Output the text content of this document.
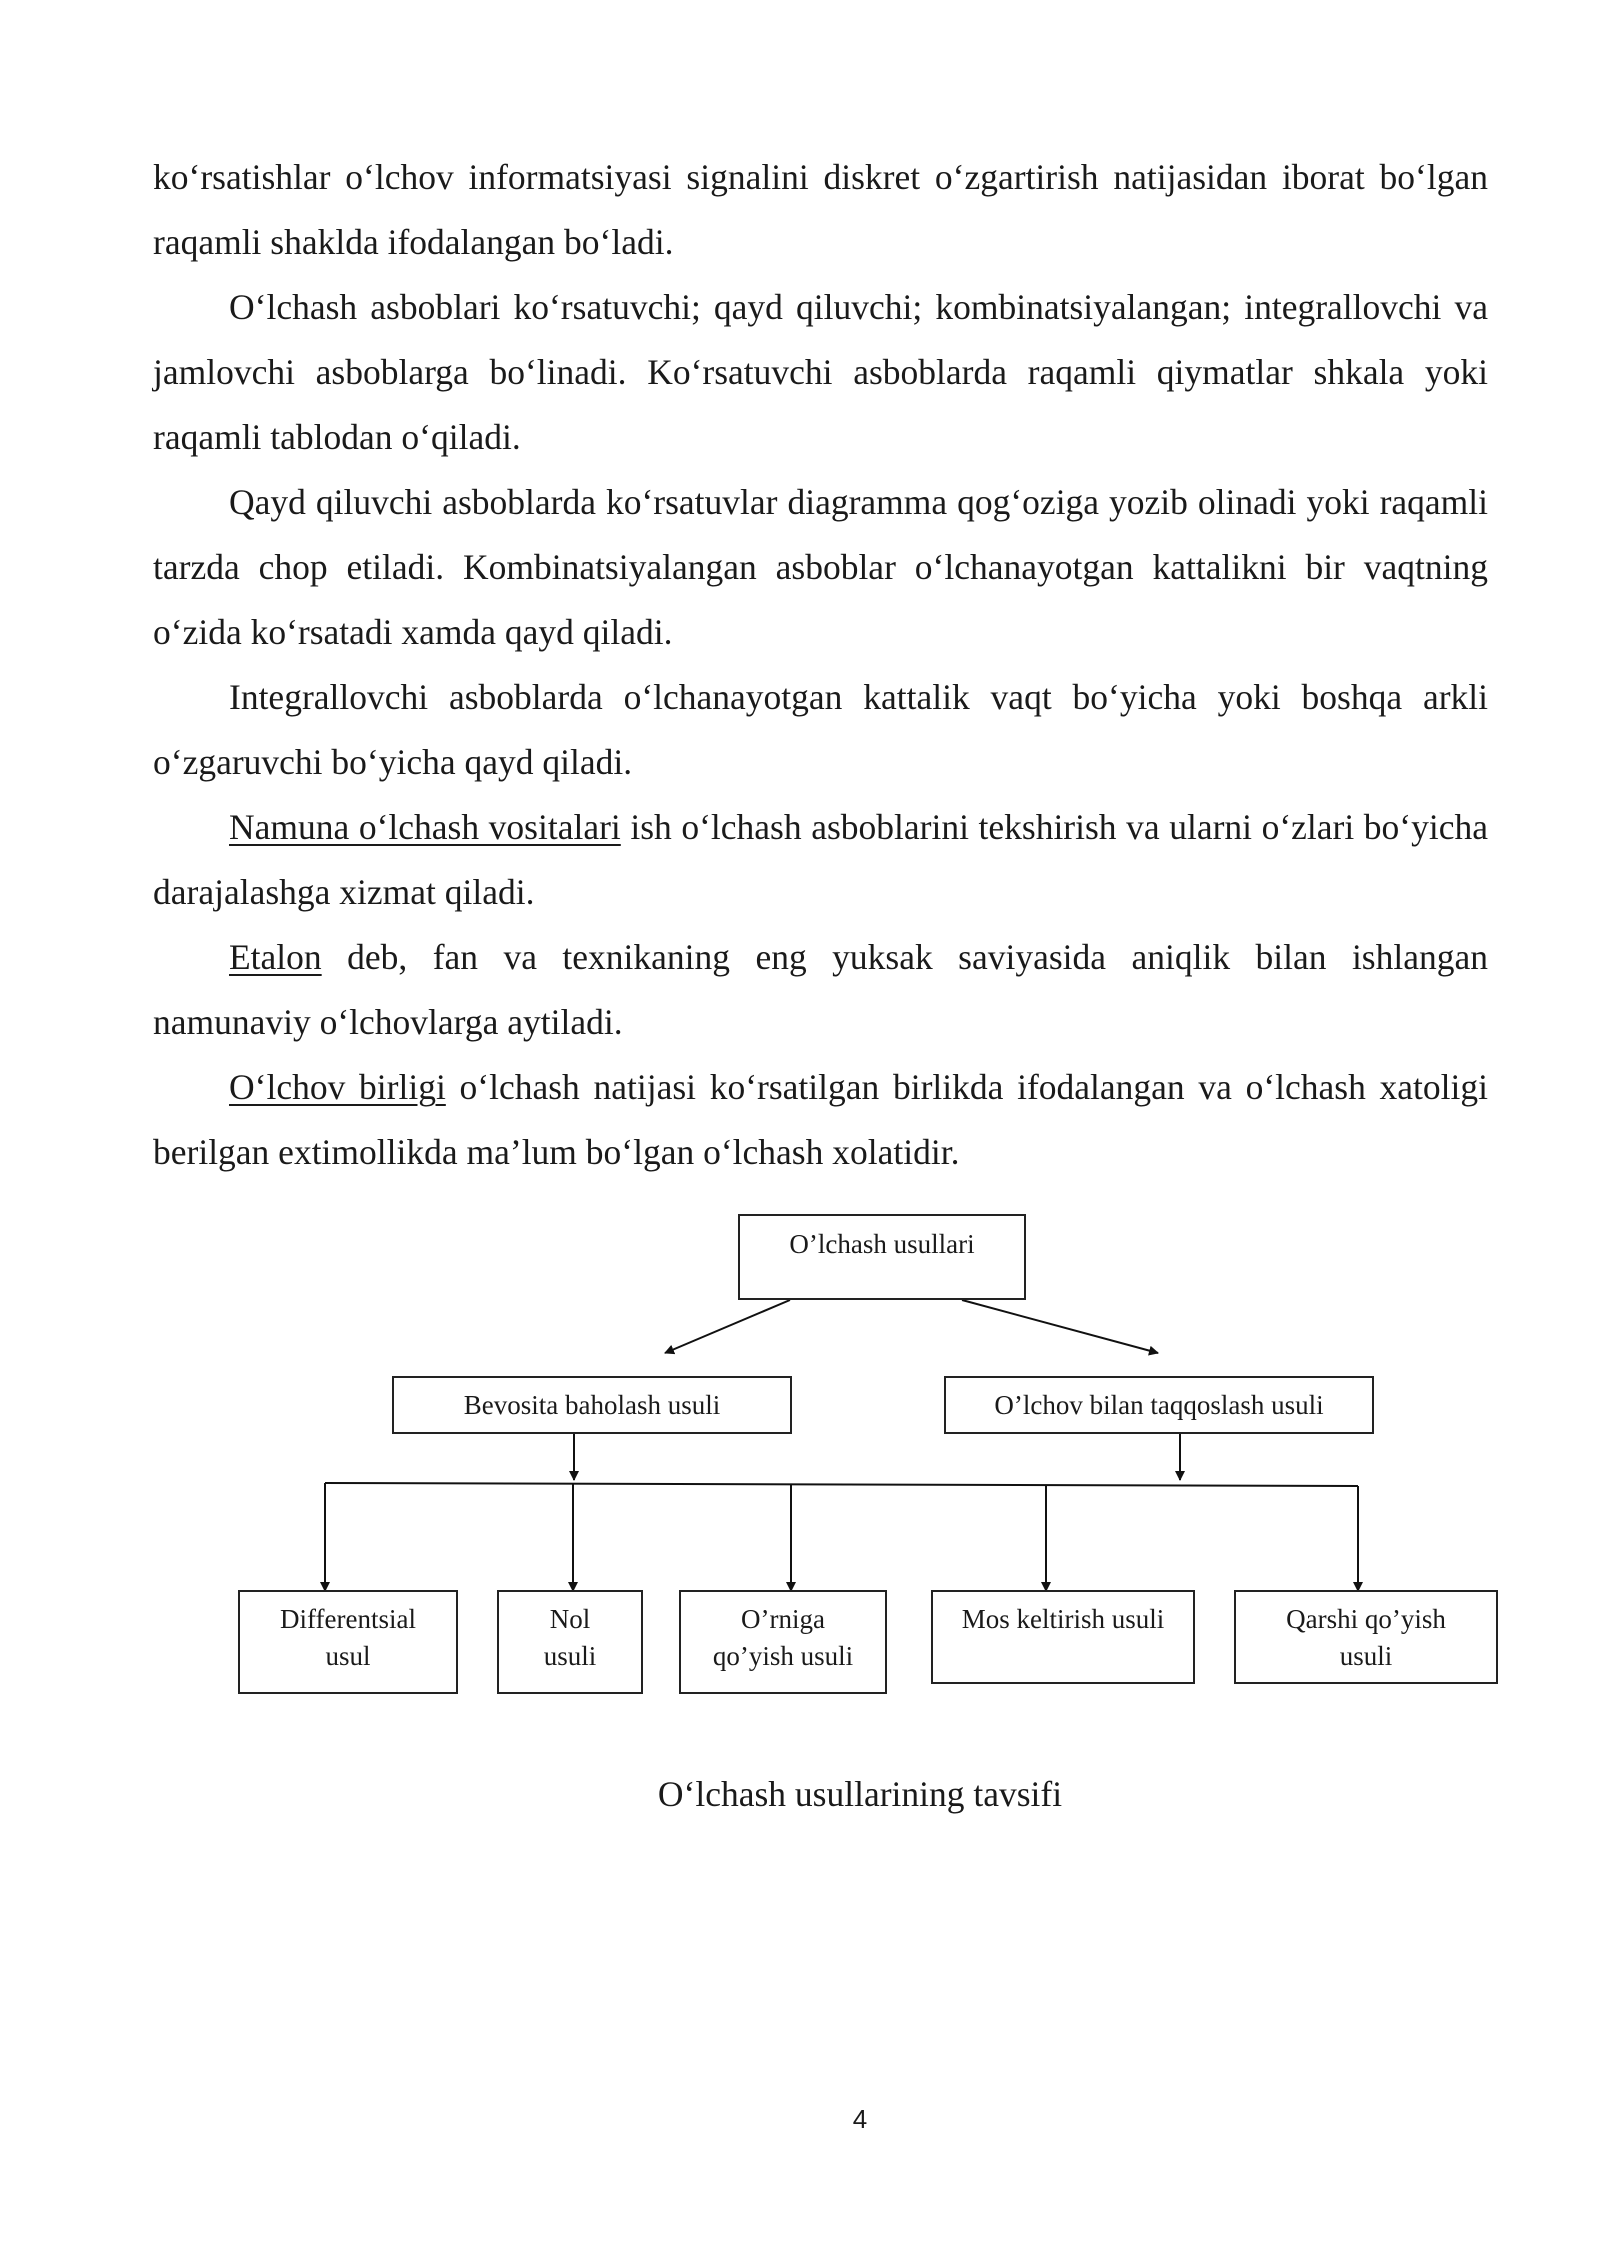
ko‘rsatishlar o‘lchov informatsiyasi signalini diskret o‘zgartirish natijasidan iborat bo‘lgan raqamli shaklda ifodalangan bo‘ladi.

O‘lchash asboblari ko‘rsatuvchi; qayd qiluvchi; kombinatsiyalangan; integrallovchi va jamlovchi asboblarga bo‘linadi. Ko‘rsatuvchi asboblarda raqamli qiymatlar shkala yoki raqamli tablodan o‘qiladi.

Qayd qiluvchi asboblarda ko‘rsatuvlar diagramma qog‘oziga yozib olinadi yoki raqamli tarzda chop etiladi. Kombinatsiyalangan asboblar o‘lchanayotgan kattalikni bir vaqtning o‘zida ko‘rsatadi xamda qayd qiladi.

Integrallovchi asboblarda o‘lchanayotgan kattalik vaqt bo‘yicha yoki boshqa arkli o‘zgaruvchi bo‘yicha qayd qiladi.

Namuna o‘lchash vositalari ish o‘lchash asboblarini tekshirish va ularni o‘zlari bo‘yicha darajalashga xizmat qiladi.

Etalon deb, fan va texnikaning eng yuksak saviyasida aniqlik bilan ishlangan namunaviy o‘lchovlarga aytiladi.

O‘lchov birligi o‘lchash natijasi ko‘rsatilgan birlikda ifodalangan va o‘lchash xatoligi berilgan extimollikda ma’lum bo‘lgan o‘lchash xolatidir.

O’lchash usullari
Bevosita baholash usuli	O’lchov bilan taqqoslash usuli
Differentsial
usul
Nol
usuli
O’rniga
qo’yish usuli
Mos keltirish usuli	Qarshi qo’yish
usuli
O‘lchash usullarining tavsifi
4
